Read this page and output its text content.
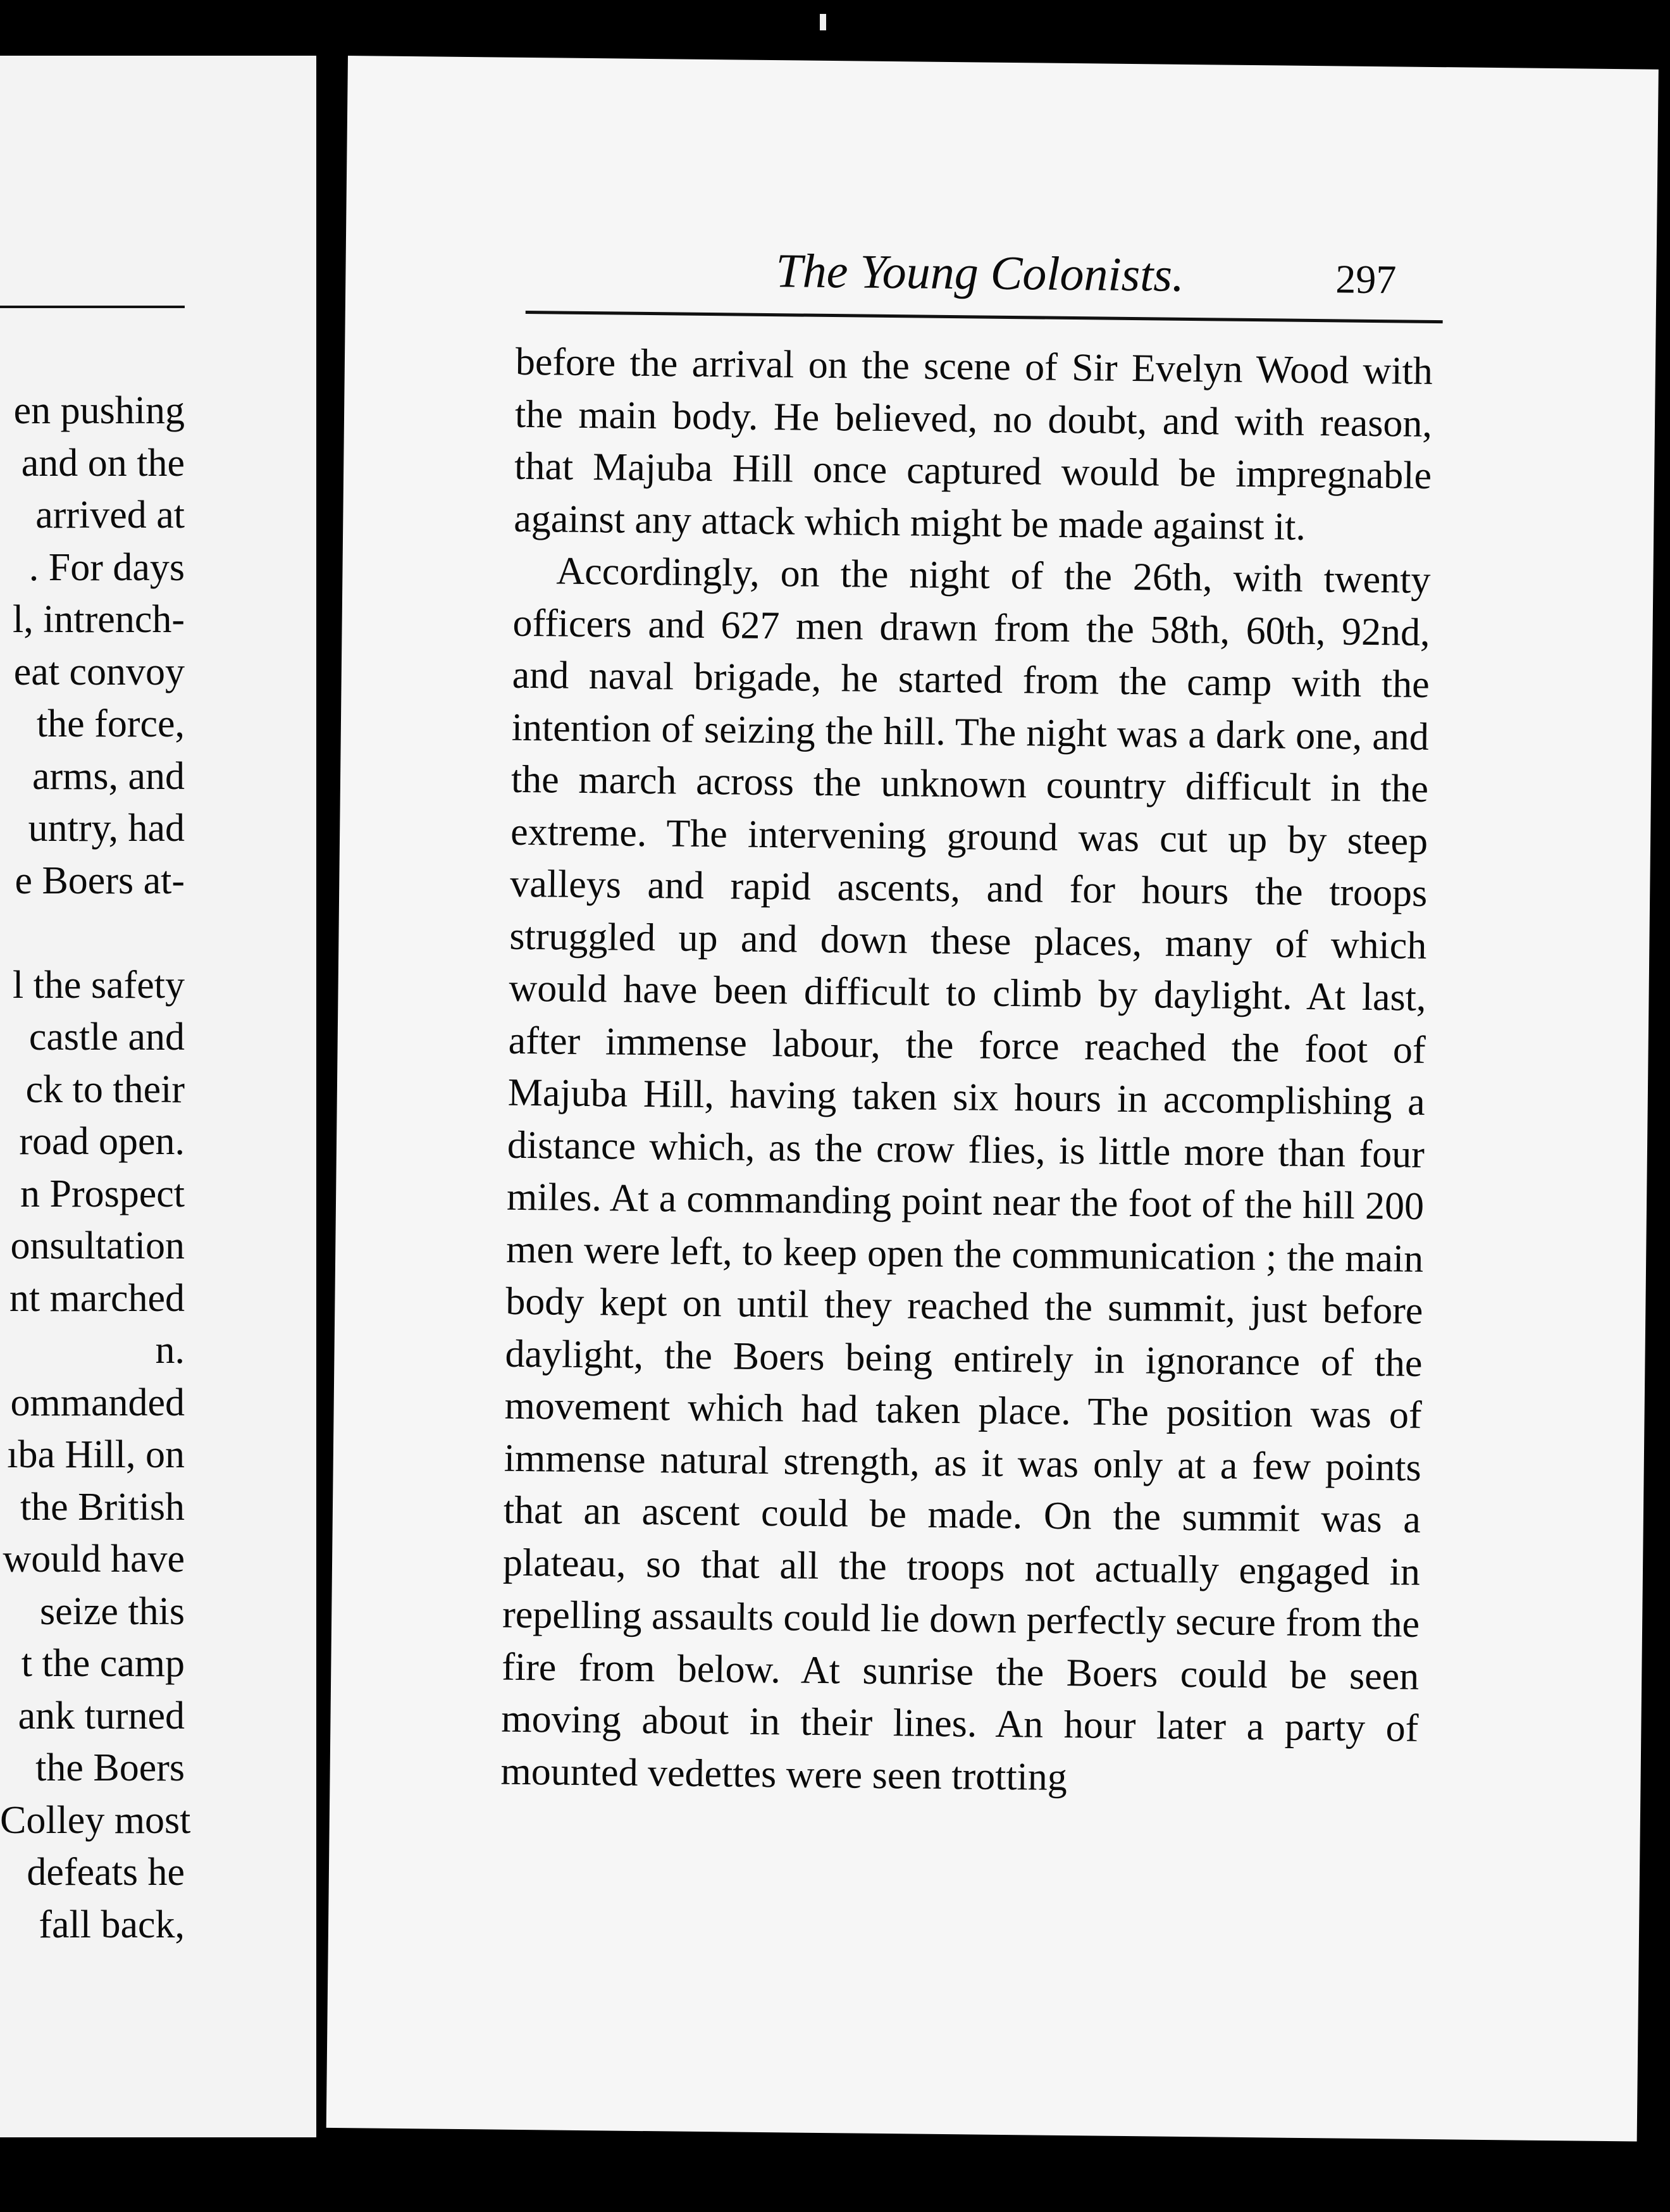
en pushing
and on the
arrived at
. For days
l, intrench-
eat convoy
the force,
arms, and
untry, had
e Boers at-
l the safety
castle and
ck to their
road open.
n Prospect
onsultation
nt marched
n.
ommanded
ıba Hill, on
the British
would have
seize this
t the camp
ank turned
the Boers
Colley most
defeats he
fall back,
The Young Colonists.	297

before the arrival on the scene of Sir Evelyn Wood with the main body. He believed, no doubt, and with reason, that Majuba Hill once captured would be impregnable against any attack which might be made against it.

Accordingly, on the night of the 26th, with twenty officers and 627 men drawn from the 58th, 60th, 92nd, and naval brigade, he started from the camp with the intention of seizing the hill. The night was a dark one, and the march across the unknown country difficult in the extreme. The intervening ground was cut up by steep valleys and rapid ascents, and for hours the troops struggled up and down these places, many of which would have been difficult to climb by daylight. At last, after immense labour, the force reached the foot of Majuba Hill, having taken six hours in accomplishing a distance which, as the crow flies, is little more than four miles. At a commanding point near the foot of the hill 200 men were left, to keep open the communication ; the main body kept on until they reached the summit, just before daylight, the Boers being entirely in ignorance of the movement which had taken place. The position was of immense natural strength, as it was only at a few points that an ascent could be made. On the summit was a plateau, so that all the troops not actually engaged in repelling assaults could lie down perfectly secure from the fire from below. At sunrise the Boers could be seen moving about in their lines. An hour later a party of mounted vedettes were seen trotting
